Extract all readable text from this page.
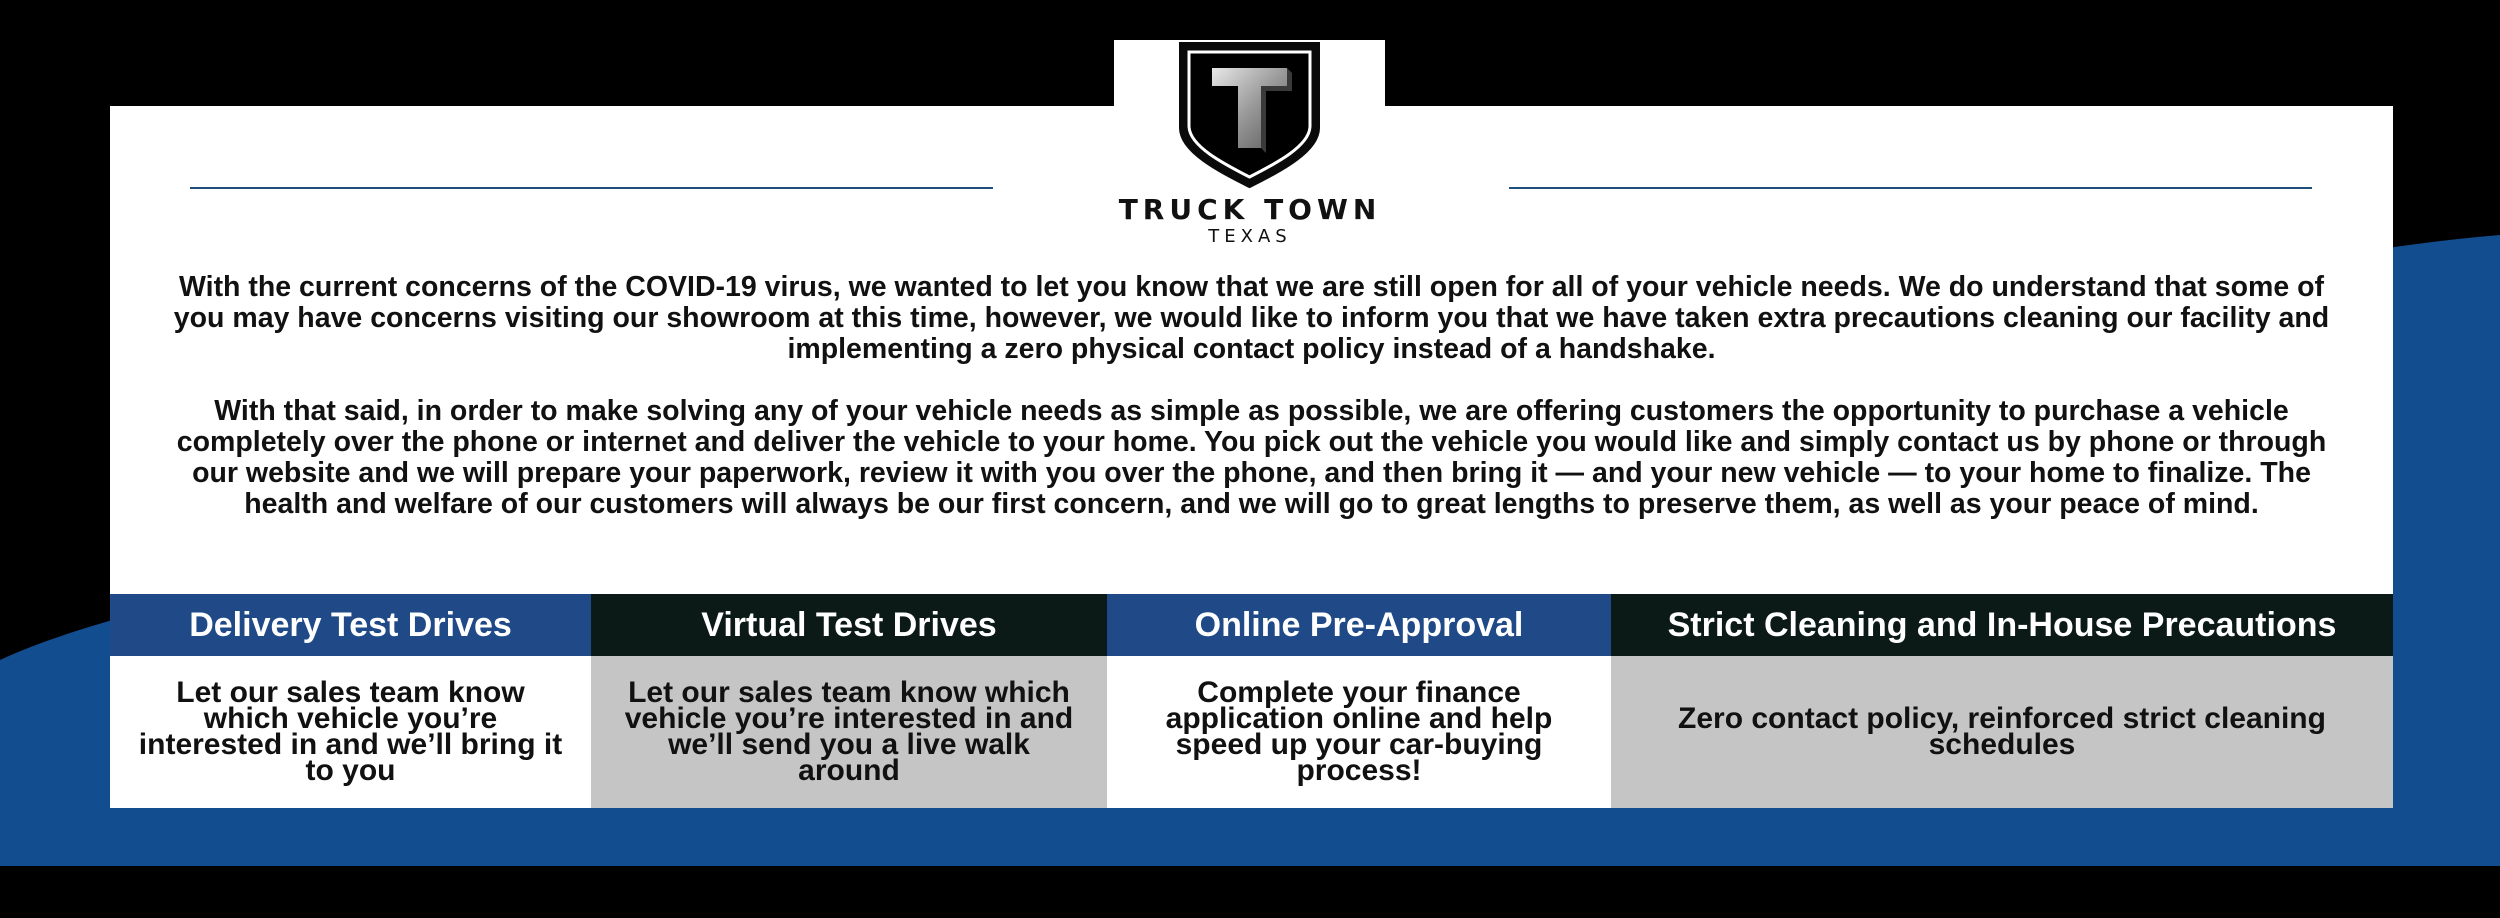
TRUCK TOWN
TEXAS

With the current concerns of the COVID-19 virus, we wanted to let you know that we are still open for all of your vehicle needs. We do understand that some of you may have concerns visiting our showroom at this time, however, we would like to inform you that we have taken extra precautions cleaning our facility and implementing a zero physical contact policy instead of a handshake.

With that said, in order to make solving any of your vehicle needs as simple as possible, we are offering customers the opportunity to purchase a vehicle completely over the phone or internet and deliver the vehicle to your home. You pick out the vehicle you would like and simply contact us by phone or through our website and we will prepare your paperwork, review it with you over the phone, and then bring it — and your new vehicle — to your home to finalize. The health and welfare of our customers will always be our first concern, and we will go to great lengths to preserve them, as well as your peace of mind.

Delivery Test Drives
Let our sales team know which vehicle you’re interested in and we’ll bring it to you
Virtual Test Drives
Let our sales team know which vehicle you’re interested in and we’ll send you a live walk around
Online Pre-Approval
Complete your finance application online and help speed up your car-buying process!
Strict Cleaning and In-House Precautions
Zero contact policy, reinforced strict cleaning schedules
